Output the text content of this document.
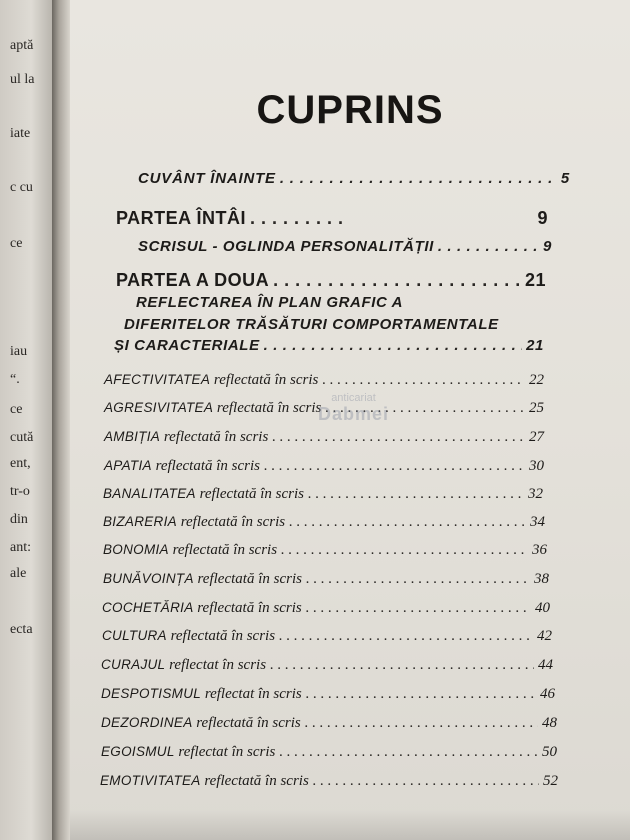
aptă
ul la
iate
c cu
ce
iau
“.
ce
cută
ent,
tr-o
din
ant:
ale
ecta
CUPRINS
CUVÂNT ÎNAINTE . . .	5
PARTEA ÎNTÂI . . .	9
SCRISUL - OGLINDA PERSONALITĂȚII . . .	9
PARTEA A DOUA . . .	21
REFLECTAREA ÎN PLAN GRAFIC A
DIFERITELOR TRĂSĂTURI COMPORTAMENTALE
ȘI CARACTERIALE . . .	21
AFECTIVITATEA reflectată în scris . . .	22
AGRESIVITATEA reflectată în scris . . .	25
AMBIȚIA reflectată în scris . . .	27
APATIA reflectată în scris . . .	30
BANALITATEA reflectată în scris . . .	32
BIZARERIA reflectată în scris . . .	34
BONOMIA reflectată în scris . . .	36
BUNĂVOINȚA reflectată în scris . . .	38
COCHETĂRIA reflectată în scris . . .	40
CULTURA reflectată în scris . . .	42
CURAJUL reflectat în scris . . .	44
DESPOTISMUL reflectat în scris . . .	46
DEZORDINEA reflectată în scris . . .	48
EGOISMUL reflectat în scris . . .	50
EMOTIVITATEA reflectată în scris . . .	52
anticariat
Dabmei
